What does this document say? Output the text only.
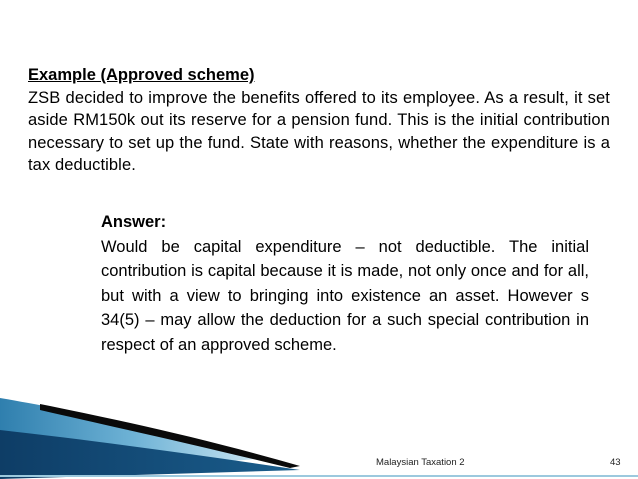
Example (Approved scheme)
ZSB decided to improve the benefits offered to its employee. As a result, it set aside RM150k out its reserve for a pension fund. This is the initial contribution necessary to set up the fund. State with reasons, whether the expenditure is a tax deductible.
Answer:
Would be capital expenditure – not deductible. The initial contribution is capital because it is made, not only once and for all, but with a view to bringing into existence an asset. However s 34(5) – may allow the deduction for a such special contribution in respect of an approved scheme.
Malaysian Taxation 2	43
